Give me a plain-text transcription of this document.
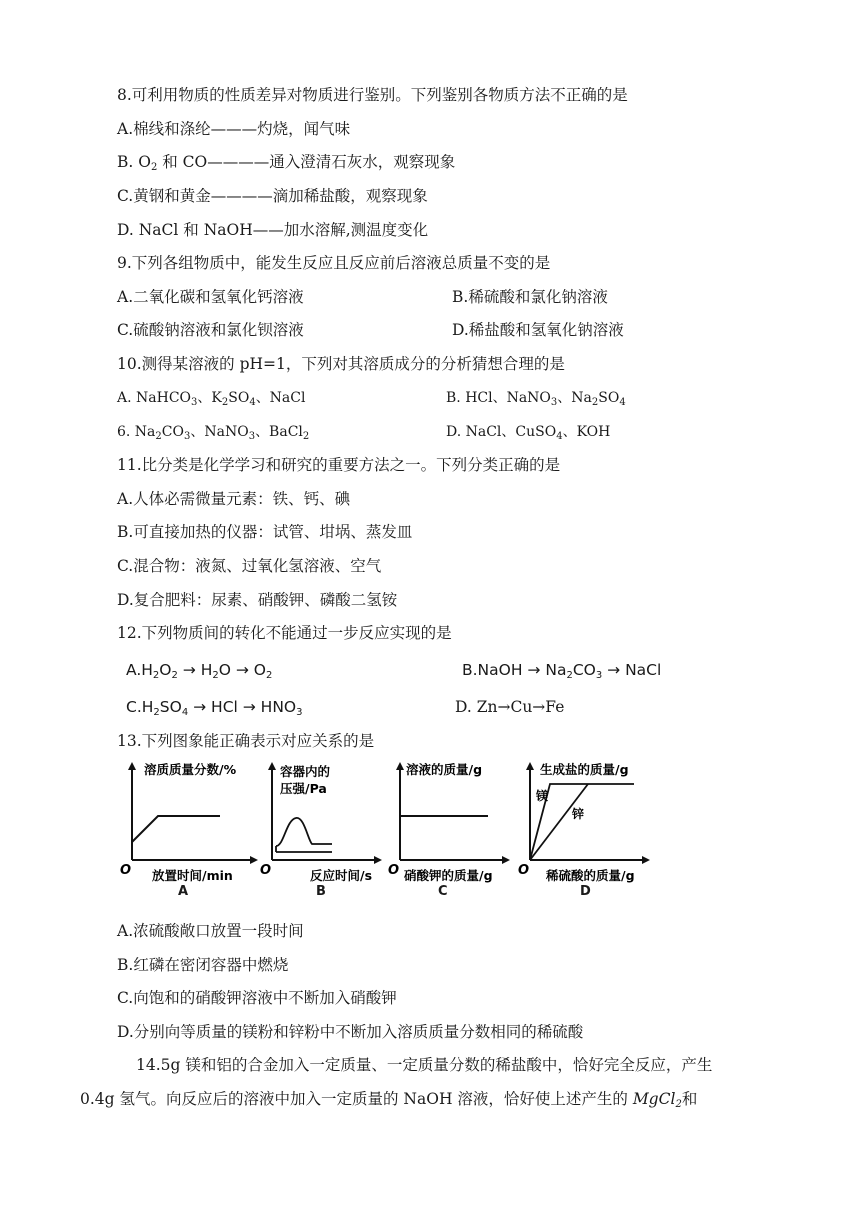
8.可利用物质的性质差异对物质进行鉴别。下列鉴别各物质方法不正确的是
A.棉线和涤纶———灼烧，闻气味
B. $O_2$ 和 CO————通入澄清石灰水，观察现象
C.黄钢和黄金————滴加稀盐酸，观察现象
D. NaCl 和 NaOH——加水溶解,测温度变化
9.下列各组物质中，能发生反应且反应前后溶液总质量不变的是
A.二氧化碳和氢氧化钙溶液	B.稀硫酸和氯化钠溶液
C.硫酸钠溶液和氯化钡溶液	D.稀盐酸和氢氧化钠溶液
10.测得某溶液的 pH=1，下列对其溶质成分的分析猜想合理的是
A. NaHCO$_3$、$K_2SO_4$、NaCl	B. HCl、NaNO$_3$、$Na_2SO_4$
6. $Na_2CO_3$、NaNO$_3$、BaCl$_2$	D. NaCl、CuSO$_4$、KOH
11.比分类是化学学习和研究的重要方法之一。下列分类正确的是
A.人体必需微量元素：铁、钙、碘
B.可直接加热的仪器：试管、坩埚、蒸发皿
C.混合物：液氮、过氧化氢溶液、空气
D.复合肥料：尿素、硝酸钾、磷酸二氢铵
12.下列物质间的转化不能通过一步反应实现的是
$A.H_2O_2 \to H_2O \to O_2$	B.NaOH → $Na_2CO_3$ → NaCl
$C.H_2SO_4$ → HCl → $HNO_3$	D. Zn→Cu→Fe
13.下列图象能正确表示对应关系的是
溶质质量分数/%
O 放置时间/min
A
容器内的
压强/Pa
O	反应时间/s
B
溶液的质量/g
O 硝酸钾的质量/g
C
生成盐的质量/g
镁
锌
O 稀硫酸的质量/g
D
A.浓硫酸敞口放置一段时间
B.红磷在密闭容器中燃烧
C.向饱和的硝酸钾溶液中不断加入硝酸钾
D.分别向等质量的镁粉和锌粉中不断加入溶质质量分数相同的稀硫酸
14.5g 镁和铝的合金加入一定质量、一定质量分数的稀盐酸中，恰好完全反应，产生
0.4g 氢气。向反应后的溶液中加入一定质量的 NaOH 溶液，恰好使上述产生的 MgCl$_2$和
